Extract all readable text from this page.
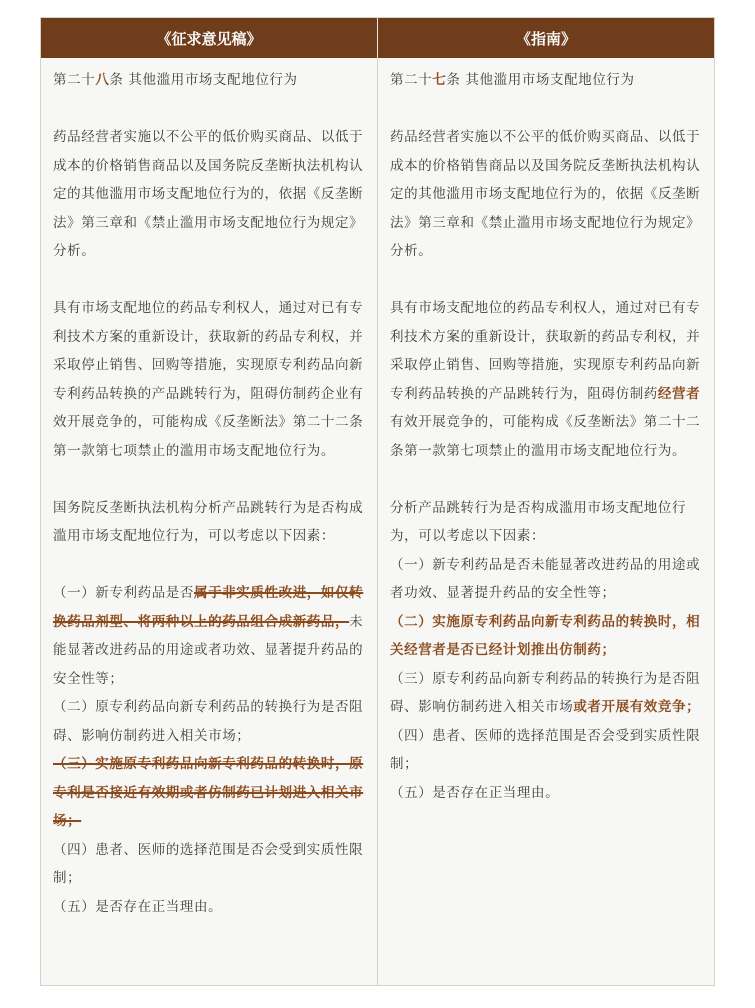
《征求意见稿》	《指南》

第二十八条 其他滥用市场支配地位行为

药品经营者实施以不公平的低价购买商品、以低于成本的价格销售商品以及国务院反垄断执法机构认定的其他滥用市场支配地位行为的，依据《反垄断法》第三章和《禁止滥用市场支配地位行为规定》分析。

具有市场支配地位的药品专利权人，通过对已有专利技术方案的重新设计，获取新的药品专利权，并采取停止销售、回购等措施，实现原专利药品向新专利药品转换的产品跳转行为，阻碍仿制药企业有效开展竞争的，可能构成《反垄断法》第二十二条第一款第七项禁止的滥用市场支配地位行为。

国务院反垄断执法机构分析产品跳转行为是否构成滥用市场支配地位行为，可以考虑以下因素：

（一）新专利药品是否属于非实质性改进，如仅转换药品剂型、将两种以上的药品组合成新药品，未能显著改进药品的用途或者功效、显著提升药品的安全性等；

（二）原专利药品向新专利药品的转换行为是否阻碍、影响仿制药进入相关市场；

（三）实施原专利药品向新专利药品的转换时，原专利是否接近有效期或者仿制药已计划进入相关市场；

（四）患者、医师的选择范围是否会受到实质性限制；

（五）是否存在正当理由。

第二十七条 其他滥用市场支配地位行为

药品经营者实施以不公平的低价购买商品、以低于成本的价格销售商品以及国务院反垄断执法机构认定的其他滥用市场支配地位行为的，依据《反垄断法》第三章和《禁止滥用市场支配地位行为规定》分析。

具有市场支配地位的药品专利权人，通过对已有专利技术方案的重新设计，获取新的药品专利权，并采取停止销售、回购等措施，实现原专利药品向新专利药品转换的产品跳转行为，阻碍仿制药经营者有效开展竞争的，可能构成《反垄断法》第二十二条第一款第七项禁止的滥用市场支配地位行为。

分析产品跳转行为是否构成滥用市场支配地位行为，可以考虑以下因素：

（一）新专利药品是否未能显著改进药品的用途或者功效、显著提升药品的安全性等；

（二）实施原专利药品向新专利药品的转换时，相关经营者是否已经计划推出仿制药；

（三）原专利药品向新专利药品的转换行为是否阻碍、影响仿制药进入相关市场或者开展有效竞争；

（四）患者、医师的选择范围是否会受到实质性限制；

（五）是否存在正当理由。
